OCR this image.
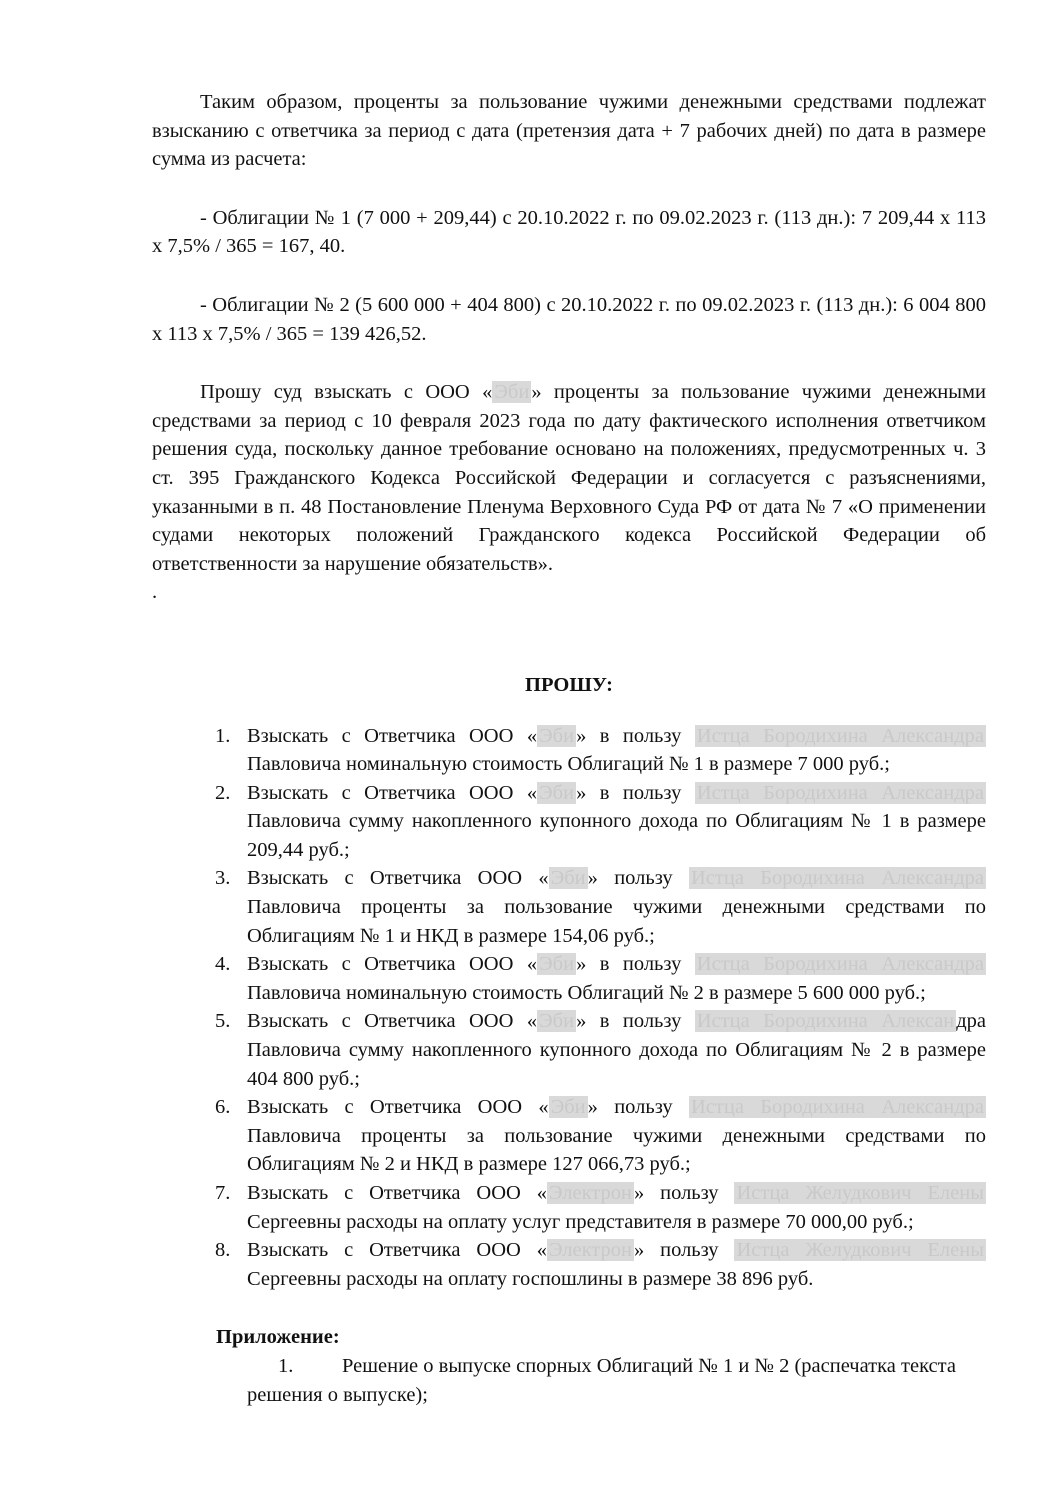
Таким образом, проценты за пользование чужими денежными средствами подлежат взысканию с ответчика за период с дата (претензия дата + 7 рабочих дней) по дата в размере сумма из расчета:

- Облигации № 1 (7 000 + 209,44) с 20.10.2022 г. по 09.02.2023 г. (113 дн.): 7 209,44 х 113 х 7,5% / 365 = 167, 40.

- Облигации № 2 (5 600 000 + 404 800) с 20.10.2022 г. по 09.02.2023 г. (113 дн.): 6 004 800 х 113 х 7,5% / 365 = 139 426,52.

Прошу суд взыскать с ООО «Эби» проценты за пользование чужими денежными средствами за период с 10 февраля 2023 года по дату фактического исполнения ответчиком решения суда, поскольку данное требование основано на положениях, предусмотренных ч. 3 ст. 395 Гражданского Кодекса Российской Федерации и согласуется с разъяснениями, указанными в п. 48 Постановление Пленума Верховного Суда РФ от дата № 7 «О применении судами некоторых положений Гражданского кодекса Российской Федерации об ответственности за нарушение обязательств».

.

ПРОШУ:
1. Взыскать с Ответчика ООО «Эби» в пользу Истца Бородихина Александра Павловича номинальную стоимость Облигаций № 1 в размере 7 000 руб.;
2. Взыскать с Ответчика ООО «Эби» в пользу Истца Бородихина Александра Павловича сумму накопленного купонного дохода по Облигациям № 1 в размере 209,44 руб.;
3. Взыскать с Ответчика ООО «Эби» пользу Истца Бородихина Александра Павловича проценты за пользование чужими денежными средствами по Облигациям № 1 и НКД в размере 154,06 руб.;
4. Взыскать с Ответчика ООО «Эби» в пользу Истца Бородихина Александра Павловича номинальную стоимость Облигаций № 2 в размере 5 600 000 руб.;
5. Взыскать с Ответчика ООО «Эби» в пользу Истца Бородихина Александра Павловича сумму накопленного купонного дохода по Облигациям № 2 в размере 404 800 руб.;
6. Взыскать с Ответчика ООО «Эби» пользу Истца Бородихина Александра Павловича проценты за пользование чужими денежными средствами по Облигациям № 2 и НКД в размере 127 066,73 руб.;
7. Взыскать с Ответчика ООО «Электрон» пользу Истца Желудкович Елены Сергеевны расходы на оплату услуг представителя в размере 70 000,00 руб.;
8. Взыскать с Ответчика ООО «Электрон» пользу Истца Желудкович Елены Сергеевны расходы на оплату госпошлины в размере 38 896 руб.
Приложение:
1. Решение о выпуске спорных Облигаций № 1 и № 2 (распечатка текста
решения о выпуске);
